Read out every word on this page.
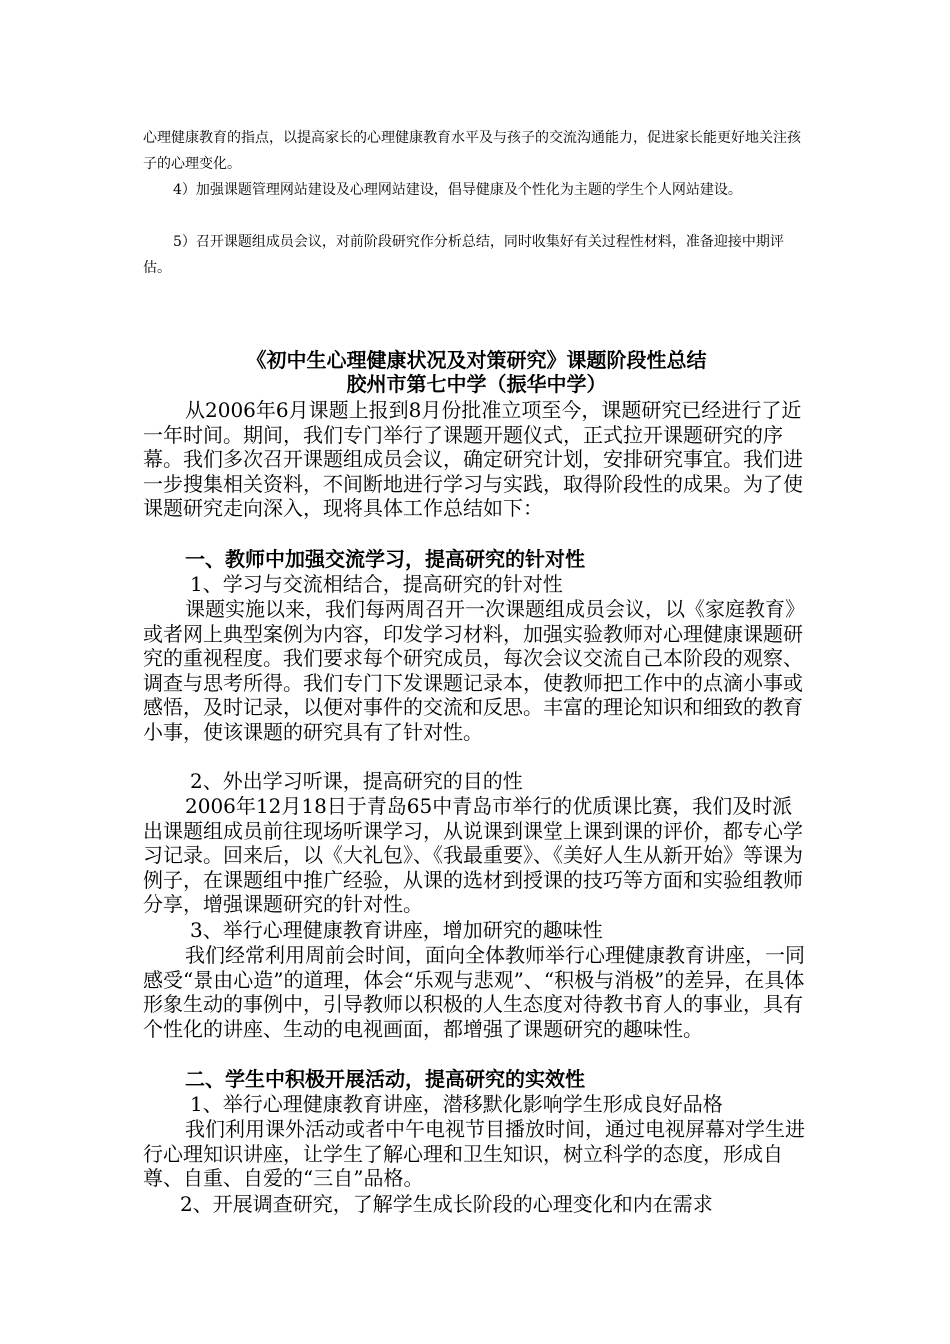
心理健康教育的指点，以提高家长的心理健康教育水平及与孩子的交流沟通能力，促进家长能更好地关注孩子的心理变化。

4）加强课题管理网站建设及心理网站建设，倡导健康及个性化为主题的学生个人网站建设。

5）召开课题组成员会议，对前阶段研究作分析总结，同时收集好有关过程性材料，准备迎接中期评估。

《初中生心理健康状况及对策研究》课题阶段性总结
胶州市第七中学（振华中学）

从2006年6月课题上报到8月份批准立项至今，课题研究已经进行了近一年时间。期间，我们专门举行了课题开题仪式，正式拉开课题研究的序幕。我们多次召开课题组成员会议，确定研究计划，安排研究事宜。我们进一步搜集相关资料，不间断地进行学习与实践，取得阶段性的成果。为了使课题研究走向深入，现将具体工作总结如下：

一、教师中加强交流学习，提高研究的针对性

1、学习与交流相结合，提高研究的针对性

课题实施以来，我们每两周召开一次课题组成员会议，以《家庭教育》或者网上典型案例为内容，印发学习材料，加强实验教师对心理健康课题研究的重视程度。我们要求每个研究成员，每次会议交流自己本阶段的观察、调查与思考所得。我们专门下发课题记录本，使教师把工作中的点滴小事或感悟，及时记录，以便对事件的交流和反思。丰富的理论知识和细致的教育小事，使该课题的研究具有了针对性。

2、外出学习听课，提高研究的目的性

2006年12月18日于青岛65中青岛市举行的优质课比赛，我们及时派出课题组成员前往现场听课学习，从说课到课堂上课到课的评价，都专心学习记录。回来后，以《大礼包》、《我最重要》、《美好人生从新开始》等课为例子，在课题组中推广经验，从课的选材到授课的技巧等方面和实验组教师分享，增强课题研究的针对性。

3、举行心理健康教育讲座，增加研究的趣味性

我们经常利用周前会时间，面向全体教师举行心理健康教育讲座，一同感受“景由心造”的道理，体会“乐观与悲观”、“积极与消极”的差异，在具体形象生动的事例中，引导教师以积极的人生态度对待教书育人的事业，具有个性化的讲座、生动的电视画面，都增强了课题研究的趣味性。

二、学生中积极开展活动，提高研究的实效性

1、举行心理健康教育讲座，潜移默化影响学生形成良好品格

我们利用课外活动或者中午电视节目播放时间，通过电视屏幕对学生进行心理知识讲座，让学生了解心理和卫生知识，树立科学的态度，形成自尊、自重、自爱的“三自”品格。

2、开展调查研究，了解学生成长阶段的心理变化和内在需求
